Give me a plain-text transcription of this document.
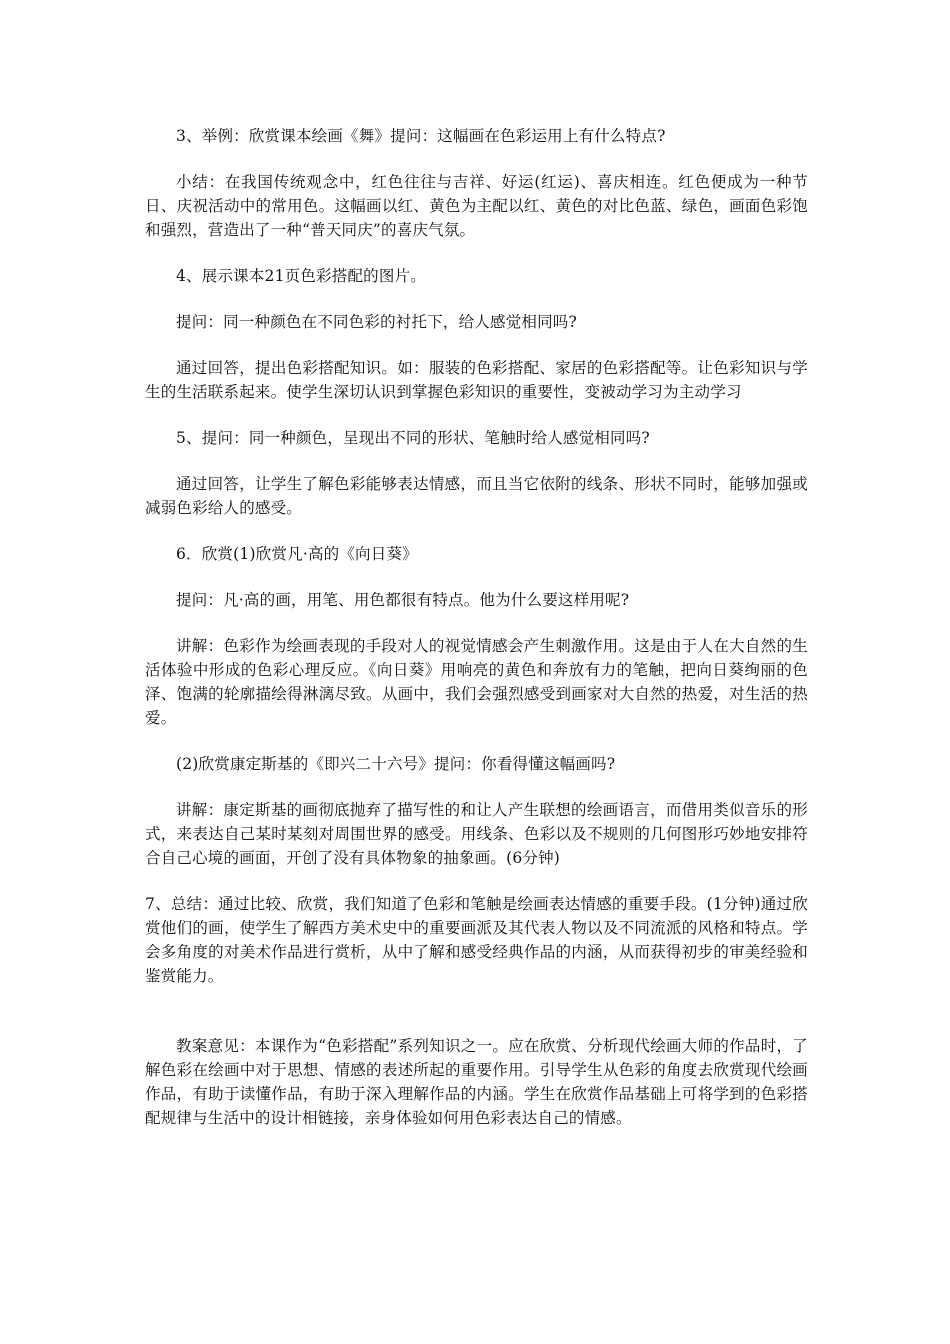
3、举例：欣赏课本绘画《舞》提问：这幅画在色彩运用上有什么特点?

小结：在我国传统观念中，红色往往与吉祥、好运(红运)、喜庆相连。红色便成为一种节日、庆祝活动中的常用色。这幅画以红、黄色为主配以红、黄色的对比色蓝、绿色，画面色彩饱和强烈，营造出了一种“普天同庆”的喜庆气氛。

4、展示课本21页色彩搭配的图片。

提问：同一种颜色在不同色彩的衬托下，给人感觉相同吗?

通过回答，提出色彩搭配知识。如：服装的色彩搭配、家居的色彩搭配等。让色彩知识与学生的生活联系起来。使学生深切认识到掌握色彩知识的重要性，变被动学习为主动学习

5、提问：同一种颜色，呈现出不同的形状、笔触时给人感觉相同吗?

通过回答，让学生了解色彩能够表达情感，而且当它依附的线条、形状不同时，能够加强或减弱色彩给人的感受。

6．欣赏(1)欣赏凡·高的《向日葵》

提问：凡·高的画，用笔、用色都很有特点。他为什么要这样用呢?

讲解：色彩作为绘画表现的手段对人的视觉情感会产生刺激作用。这是由于人在大自然的生活体验中形成的色彩心理反应。《向日葵》用响亮的黄色和奔放有力的笔触，把向日葵绚丽的色泽、饱满的轮廓描绘得淋漓尽致。从画中，我们会强烈感受到画家对大自然的热爱，对生活的热爱。

(2)欣赏康定斯基的《即兴二十六号》提问：你看得懂这幅画吗?

讲解：康定斯基的画彻底抛弃了描写性的和让人产生联想的绘画语言，而借用类似音乐的形式，来表达自己某时某刻对周围世界的感受。用线条、色彩以及不规则的几何图形巧妙地安排符合自己心境的画面，开创了没有具体物象的抽象画。(6分钟)

7、总结：通过比较、欣赏，我们知道了色彩和笔触是绘画表达情感的重要手段。(1分钟)通过欣赏他们的画，使学生了解西方美术史中的重要画派及其代表人物以及不同流派的风格和特点。学会多角度的对美术作品进行赏析，从中了解和感受经典作品的内涵，从而获得初步的审美经验和鉴赏能力。

教案意见：本课作为“色彩搭配”系列知识之一。应在欣赏、分析现代绘画大师的作品时，了解色彩在绘画中对于思想、情感的表述所起的重要作用。引导学生从色彩的角度去欣赏现代绘画作品，有助于读懂作品，有助于深入理解作品的内涵。学生在欣赏作品基础上可将学到的色彩搭配规律与生活中的设计相链接，亲身体验如何用色彩表达自己的情感。
